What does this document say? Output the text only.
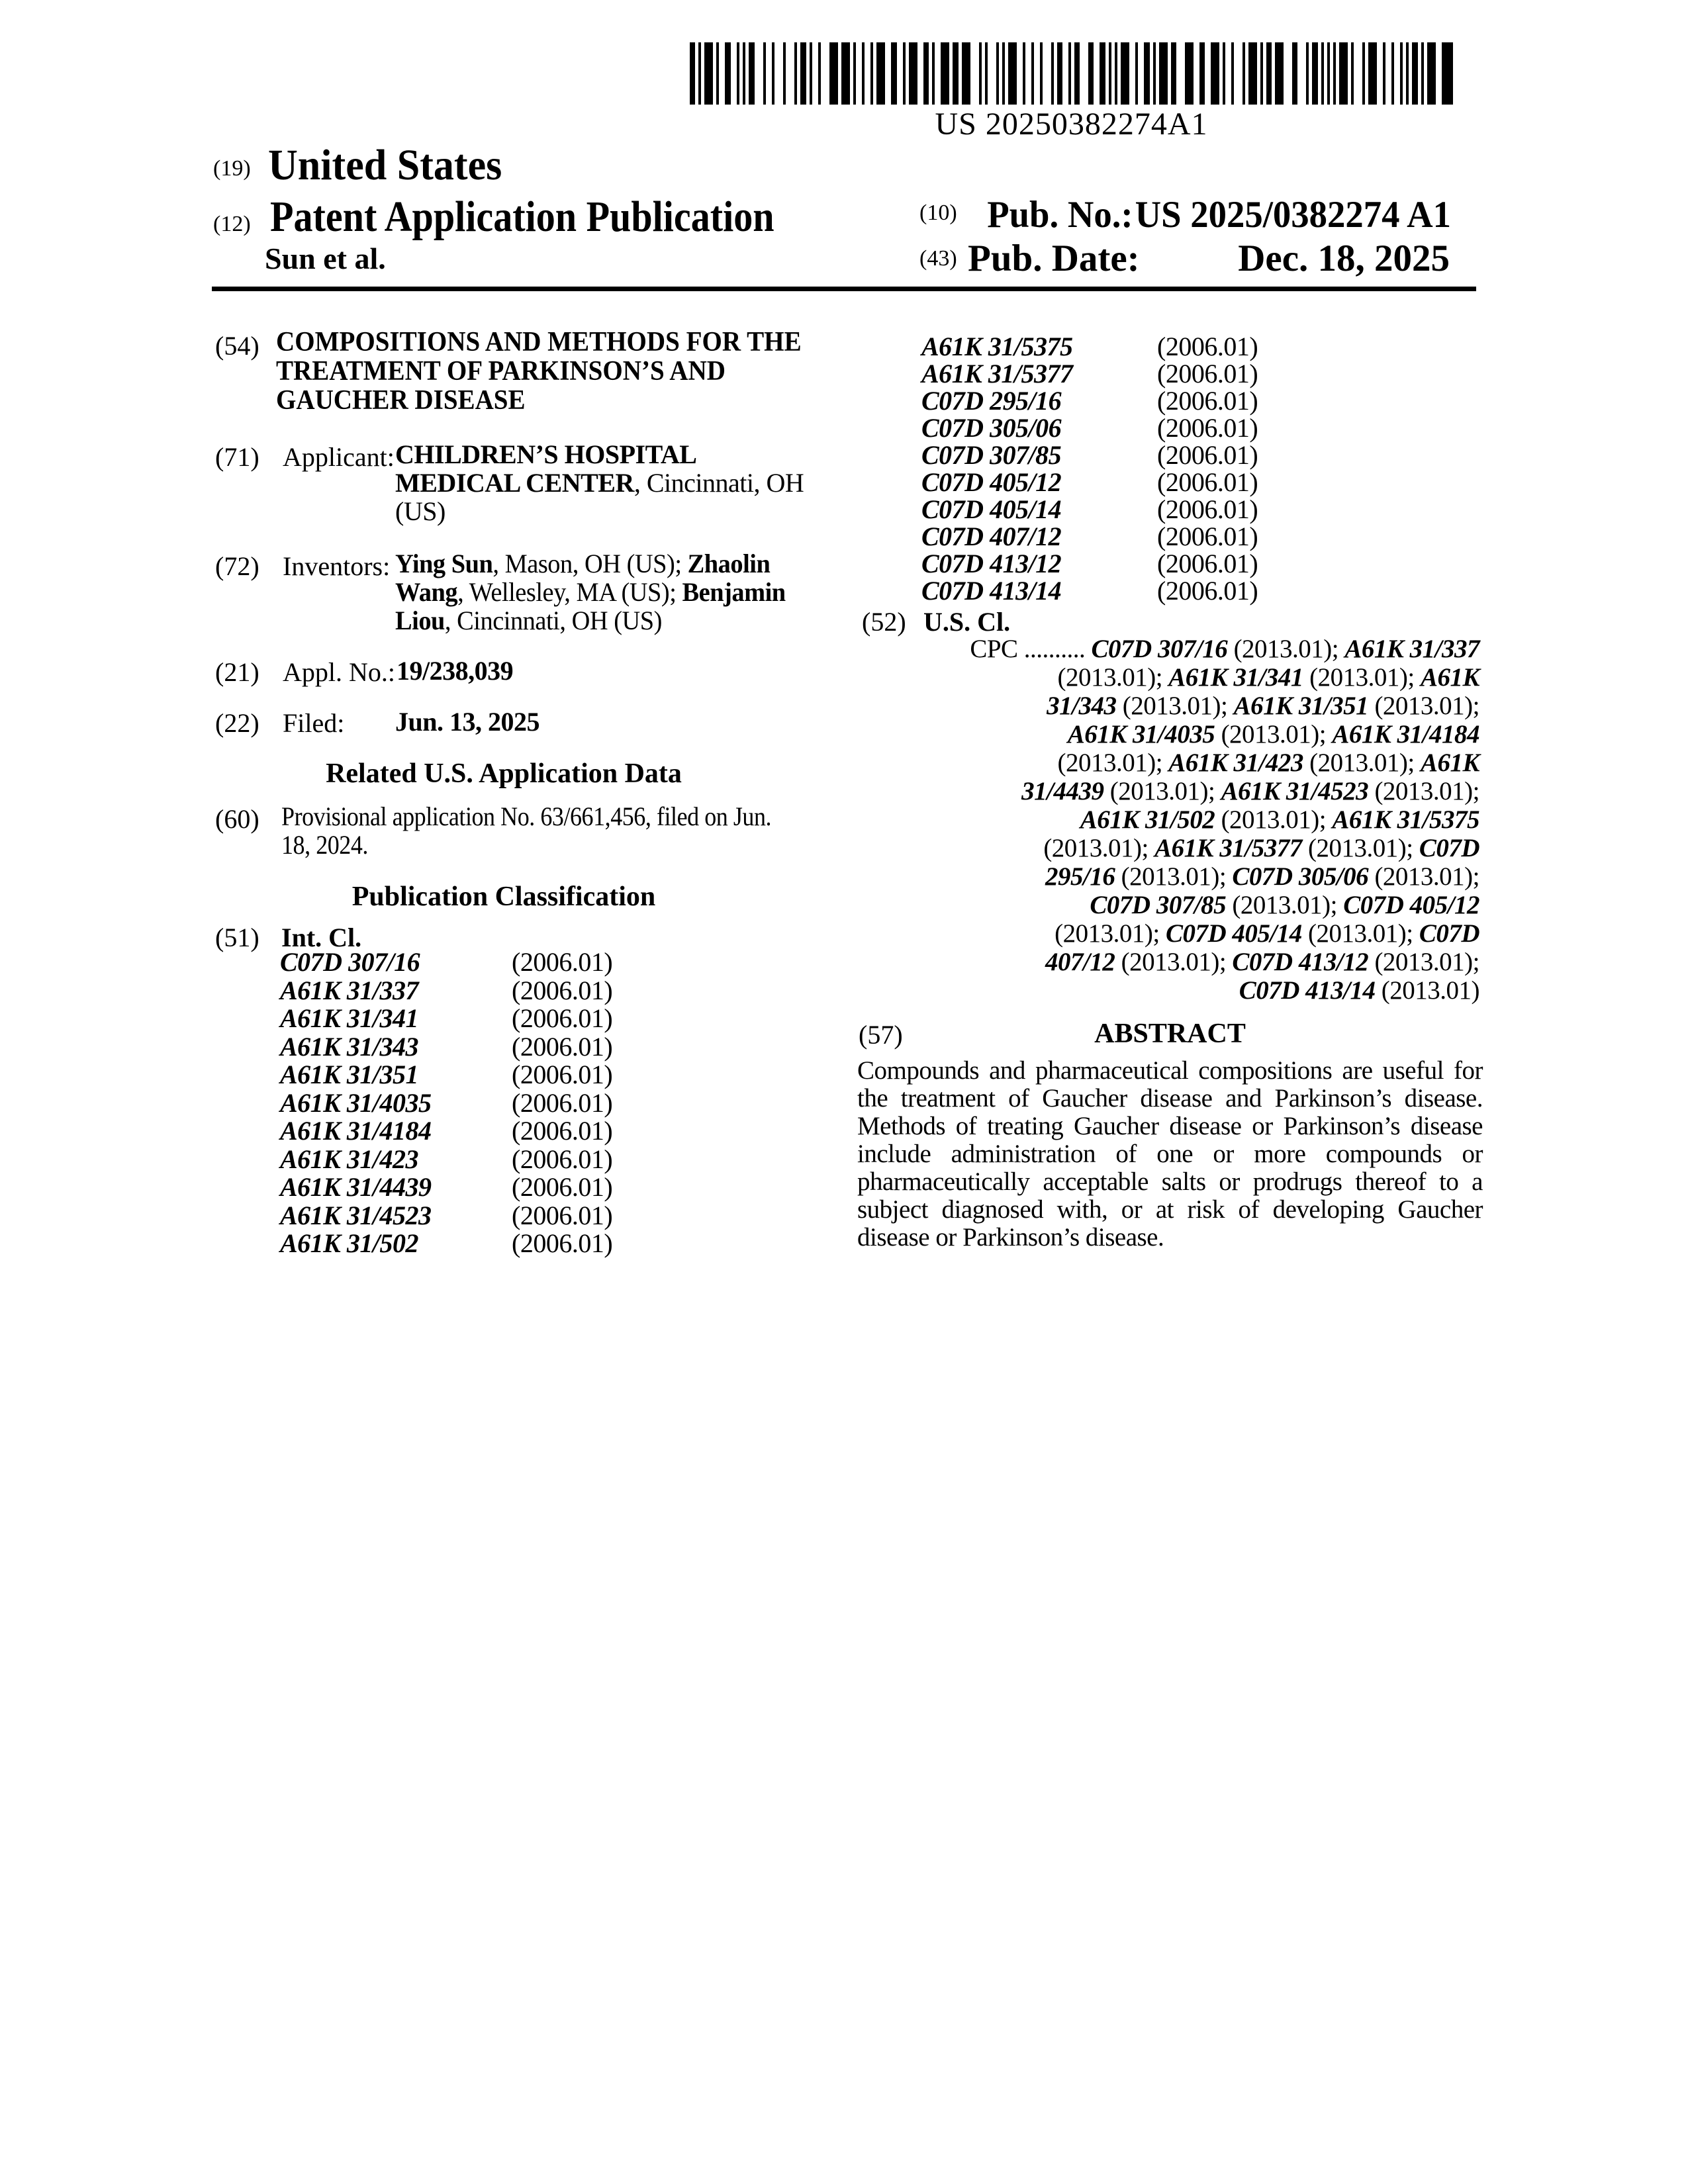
US 20250382274A1
(19) United States
(12) Patent Application Publication
Sun et al.
(10) Pub. No.: US 2025/0382274 A1
(43) Pub. Date:	Dec. 18, 2025
(54) COMPOSITIONS AND METHODS FOR THE
TREATMENT OF PARKINSON’S AND
GAUCHER DISEASE
(71) Applicant: CHILDREN’S HOSPITAL
MEDICAL CENTER, Cincinnati, OH
(US)
(72) Inventors: Ying Sun, Mason, OH (US); Zhaolin
Wang, Wellesley, MA (US); Benjamin
Liou, Cincinnati, OH (US)
(21) Appl. No.: 19/238,039
(22) Filed: Jun. 13, 2025
Related U.S. Application Data
(60) Provisional application No. 63/661,456, filed on Jun.
18, 2024.
Publication Classification
(51) Int. Cl.
C07D 307/16	(2006.01)
A61K 31/337	(2006.01)
A61K 31/341	(2006.01)
A61K 31/343	(2006.01)
A61K 31/351	(2006.01)
A61K 31/4035	(2006.01)
A61K 31/4184	(2006.01)
A61K 31/423	(2006.01)
A61K 31/4439	(2006.01)
A61K 31/4523	(2006.01)
A61K 31/502	(2006.01)
A61K 31/5375	(2006.01)
A61K 31/5377	(2006.01)
C07D 295/16	(2006.01)
C07D 305/06	(2006.01)
C07D 307/85	(2006.01)
C07D 405/12	(2006.01)
C07D 405/14	(2006.01)
C07D 407/12	(2006.01)
C07D 413/12	(2006.01)
C07D 413/14	(2006.01)
(52) U.S. Cl.
CPC .......... C07D 307/16 (2013.01); A61K 31/337
(2013.01); A61K 31/341 (2013.01); A61K
31/343 (2013.01); A61K 31/351 (2013.01);
A61K 31/4035 (2013.01); A61K 31/4184
(2013.01); A61K 31/423 (2013.01); A61K
31/4439 (2013.01); A61K 31/4523 (2013.01);
A61K 31/502 (2013.01); A61K 31/5375
(2013.01); A61K 31/5377 (2013.01); C07D
295/16 (2013.01); C07D 305/06 (2013.01);
C07D 307/85 (2013.01); C07D 405/12
(2013.01); C07D 405/14 (2013.01); C07D
407/12 (2013.01); C07D 413/12 (2013.01);
C07D 413/14 (2013.01)
(57)	ABSTRACT
Compounds and pharmaceutical compositions are useful for the treatment of Gaucher disease and Parkinson’s disease. Methods of treating Gaucher disease or Parkinson’s disease include administration of one or more compounds or pharmaceutically acceptable salts or prodrugs thereof to a subject diagnosed with, or at risk of developing Gaucher disease or Parkinson’s disease.
